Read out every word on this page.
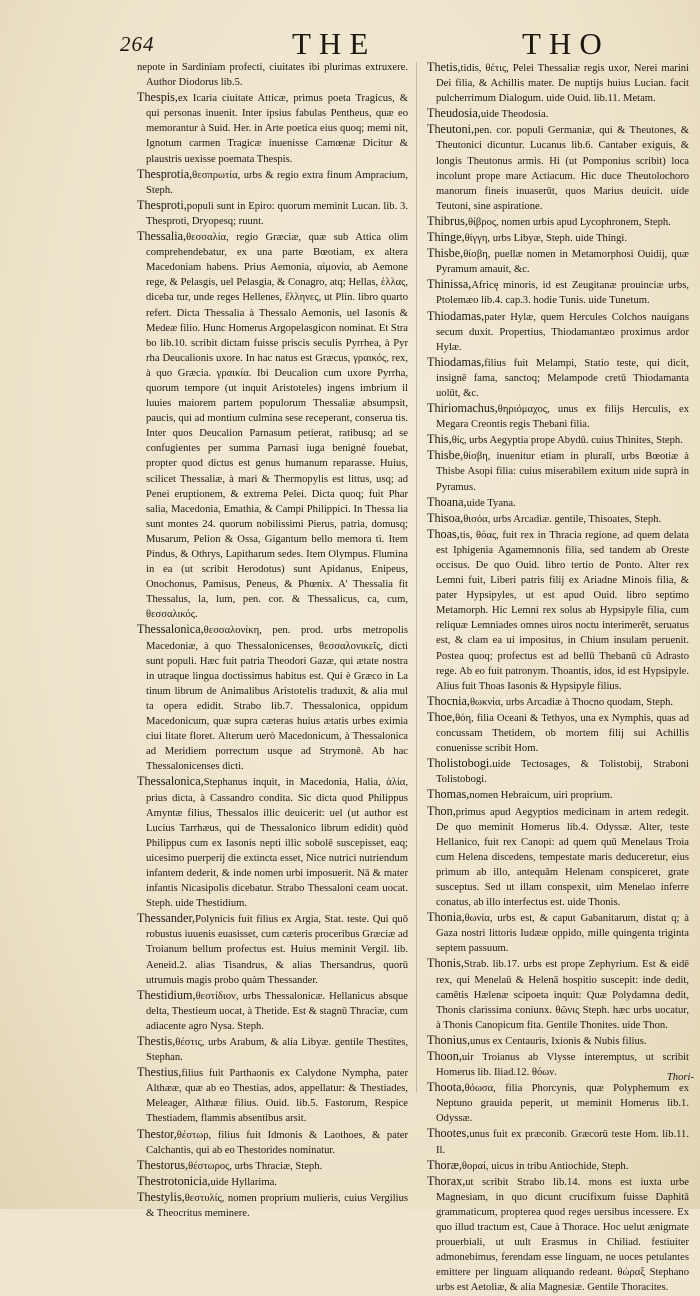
264	THE	THO
nepote in Sardiniam profecti, ciuitates ibi plurimas extruxere. Author Diodorus lib.5.
Thespis,ex Icaria ciuitate Atticæ, primus poeta Tragicus, & qui personas inuenit. Inter ipsius fabulas Pentheus, quæ eo memorantur à Suid. Her. in Arte poetica eius quoq; memi nit, Ignotum carmen Tragicæ inuenisse Camœnæ Dicitur & plaustris uexisse poemata Thespis.
Thesprotia,θεσπρωτία, urbs & regio extra finum Ampracium, Steph.
Thesproti,populi sunt in Epiro: quorum meminit Lucan. lib. 3. Thesproti, Dryopesq; ruunt.
Thessalia,θεσσαλία, regio Græciæ, quæ sub Attica olim comprehendebatur, ex una parte Bœotiam, ex altera Macedoniam habens. Prius Aemonia, αἱμονία, ab Aemone rege, & Pelasgis, uel Pelasgia, & Conagro, atq; Hellas, ἑλλας, diceba tur, unde reges Hellenes, ἕλληνες, ut Plin. libro quarto refert. Dicta Thessalia à Thessalo Aemonis, uel Iasonis & Medeæ filio. Hunc Homerus Argopelasgicon nominat. Et Stra bo lib.10. scribit dictam fuisse priscis seculis Pyrrhea, à Pyr rha Deucalionis uxore. In hac natus est Græcus, γραικός, rex, à quo Græcia. γραικία. Ibi Deucalion cum uxore Pyrrha, quorum tempore (ut inquit Aristoteles) ingens imbrium il luuies maiorem partem populorum Thessaliæ absumpsit, paucis, qui ad montium culmina sese receperant, conserua tis. Inter quos Deucalion Parnasum petierat, ratibusq; ad se confugientes per summa Parnasi iuga benignè fouebat, propter quod dictus est genus humanum reparasse. Huius, scilicet Thessaliæ, à mari & Thermopylis est littus, usq; ad Penei eruptionem, & extrema Pelei. Dicta quoq; fuit Phar salia, Macedonia, Emathia, & Campi Philippici. In Thessa lia sunt montes 24. quorum nobilissimi Pierus, patria, domusq; Musarum, Pelion & Ossa, Gigantum bello memora ti. Item Pindus, & Othrys, Lapitharum sedes. Item Olympus. Flumina in ea (ut scribit Herodotus) sunt Apidanus, Enipeus, Onochonus, Pamisus, Peneus, & Phœnix. A' Thessalia fit Thessalus, la, lum, pen. cor. & Thessalicus, ca, cum, θεσσαλικός.
Thessalonica,θεσσαλονίκη, pen. prod. urbs metropolis Macedoniæ, à quo Thessalonicenses, θεσσαλονικεῖς, dicti sunt populi. Hæc fuit patria Theodori Gazæ, qui ætate nostra in utraque lingua doctissimus habitus est. Qui è Græco in La tinum librum de Animalibus Aristotelis traduxit, & alia mul ta opera edidit. Strabo lib.7. Thessalonica, oppidum Macedonicum, quæ supra cæteras huius ætatis urbes eximia ciui litate floret. Alterum uerò Macedonicum, à Thessalonica ad Meridiem porrectum usque ad Strymonē. Ab hac Thessalonicenses dicti.
Thessalonica,Stephanus inquit, in Macedonia, Halia, ἁλία, prius dicta, à Cassandro condita. Sic dicta quod Philippus Amyntæ filius, Thessalos illic deuicerit: uel (ut author est Lucius Tarrhæus, qui de Thessalonico librum edidit) quòd Philippus cum ex Iasonis nepti illic sobolē suscepisset, eaq; uicesimo puerperij die extincta esset, Nice nutrici nutriendum infantem dederit, & inde nomen urbi imposuerit. Nā & mater infantis Nicasipolis dicebatur. Strabo Thessaloni ceam uocat. Steph. uide Thestidium.
Thessander,Polynicis fuit filius ex Argia, Stat. teste. Qui quō robustus iuuenis euasisset, cum cæteris proceribus Græciæ ad Troianum bellum profectus est. Huius meminit Vergil. lib. Aeneid.2. alias Tisandrus, & alias Thersandrus, quorū utrumuis magis probo quàm Thessander.
Thestidium,θεστίδιον, urbs Thessalonicæ. Hellanicus absque delta, Thestieum uocat, à Thetide. Est & stagnū Thraciæ, cum adiacente agro Nysa. Steph.
Thestis,θέστις, urbs Arabum, & alia Libyæ. gentile Thestites, Stephan.
Thestius,filius fuit Parthaonis ex Calydone Nympha, pater Althææ, quæ ab eo Thestias, ados, appellatur: & Thestiades, Meleager, Althææ filius. Ouid. lib.5. Fastorum, Respice Thestiadem, flammis absentibus arsit.
Thestor,θέστωρ, filius fuit Idmonis & Laothoes, & pater Calchantis, qui ab eo Thestorides nominatur.
Thestorus,θέστωρος, urbs Thraciæ, Steph.
Thestrotonicia,uide Hyllarima.
Thestylis,θεστυλίς, nomen proprium mulieris, cuius Vergilius & Theocritus meminere.
Thetis,tidis, θέτις, Pelei Thessaliæ regis uxor, Nerei marini Dei filia, & Achillis mater. De nuptijs huius Lucian. facit pulcherrimum Dialogum. uide Ouid. lib.11. Metam.
Theudosia,uide Theodosia.
Theutoni,pen. cor. populi Germaniæ, qui & Theutones, & Theutonici dicuntur. Lucanus lib.6. Cantaber exiguis, & longis Theutonus armis. Hi (ut Pomponius scribit) loca incolunt prope mare Actiacum. Hic duce Theutolochoro manorum fineis inuaserūt, quos Marius deuicit. uide Teutoni, sine aspiratione.
Thibrus,θίβρος, nomen urbis apud Lycophronem, Steph.
Thinge,θίγγη, urbs Libyæ, Steph. uide Thingi.
Thisbe,θίσβη, puellæ nomen in Metamorphosi Ouidij, quæ Pyramum amauit, &c.
Thinissa,Africę minoris, id est Zeugitanæ prouinciæ urbs, Ptolemæo lib.4. cap.3. hodie Tunis. uide Tunetum.
Thiodamas,pater Hylæ, quem Hercules Colchos nauigans secum duxit. Propertius, Thiodamantæo proximus ardor Hylæ.
Thiodamas,filius fuit Melampi, Statio teste, qui dicit, insignē fama, sanctoq; Melampode cretū Thiodamanta uolūt, &c.
Thiriomachus,θηριόμαχος, unus ex filijs Herculis, ex Megara Creontis regis Thebani filia.
This,θίς, urbs Aegyptia prope Abydū. cuius Thinites, Steph.
Thisbe,θίσβη, inuenitur etiam in pluralī, urbs Bœotiæ à Thisbe Asopi filia: cuius miserabilem exitum uide suprà in Pyramus.
Thoana,uide Tyana.
Thisoa,θισόα, urbs Arcadiæ. gentile, Thisoates, Steph.
Thoas,tis, θόας, fuit rex in Thracia regione, ad quem delata est Iphigenia Agamemnonis filia, sed tandem ab Oreste occisus. De quo Ouid. libro tertio de Ponto. Alter rex Lemni fuit, Liberi patris filij ex Ariadne Minois filia, & pater Hypsipyles, ut est apud Ouid. libro septimo Metamorph. Hic Lemni rex solus ab Hypsipyle filia, cum reliquæ Lemniades omnes uiros noctu interimerēt, seruatus est, & clam ea ui impositus, in Chium insulam peruenit. Postea quoq; profectus est ad bellū Thebanū cū Adrasto rege. Ab eo fuit patronym. Thoantis, idos, id est Hypsipyle. Alius fuit Thoas Iasonis & Hypsipyle filius.
Thocnia,θωκνία, urbs Arcadiæ à Thocno quodam, Steph.
Thoe,θόη, filia Oceani & Tethyos, una ex Nymphis, quas ad concussam Thetidem, ob mortem filij sui Achillis conuenisse scribit Hom.
Tholistobogi.uide Tectosages, & Tolistobij, Straboni Tolistobogi.
Thomas,nomen Hebraicum, uiri proprium.
Thon,primus apud Aegyptios medicinam in artem redegit. De quo meminit Homerus lib.4. Odyssæ. Alter, teste Hellanico, fuit rex Canopi: ad quem quū Menelaus Troia cum Helena discedens, tempestate maris deduceretur, eius primum ab illo, antequām Helenam conspiceret, grate susceptus. Sed ut illam conspexit, uim Menelao inferre conatus, ab illo interfectus est. uide Thonis.
Thonia,θωνία, urbs est, & caput Gabanitarum, distat q; à Gaza nostri littoris Iudææ oppido, mille quingenta triginta septem passuum.
Thonis,Strab. lib.17. urbs est prope Zephyrium. Est & eidē rex, qui Menelaū & Helenā hospitio suscepit: inde dedit, camētis Hælenæ scipoeta inquit: Quæ Polydamna dedit, Thonis clarissima coniunx. θῶνις Steph. hæc urbs uocatur, à Thonis Canopicum fita. Gentile Thonites. uide Thon.
Thonius,unus ex Centauris, Ixionis & Nubis filius.
Thoon,uir Troianus ab Vlysse interemptus, ut scribit Homerus lib. Iliad.12. θόων.
Thoota,θόωσα, filia Phorcynis, quæ Polyphemum ex Neptuno grauida peperit, ut meminit Homerus lib.1. Odyssæ.
Thootes,unus fuit ex præconib. Græcorū teste Hom. lib.11. Il.
Thoræ,θοραί, uicus in tribu Antiochide, Steph.
Thorax,ut scribit Strabo lib.14. mons est iuxta urbe Magnesiam, in quo dicunt crucifixum fuisse Daphitā grammaticum, propterea quod reges uersibus incessere. Ex quo illud tractum est, Caue à Thorace. Hoc uelut ænigmate prouerbiali, ut uult Erasmus in Chiliad. festiuiter admonebimus, ferendam esse linguam, ne uoces petulantes emittere per linguam aliquando redeant. θώραξ Stephano urbs est Aetoliæ, & alia Magnesiæ. Gentile Thoracites.
Thori-
